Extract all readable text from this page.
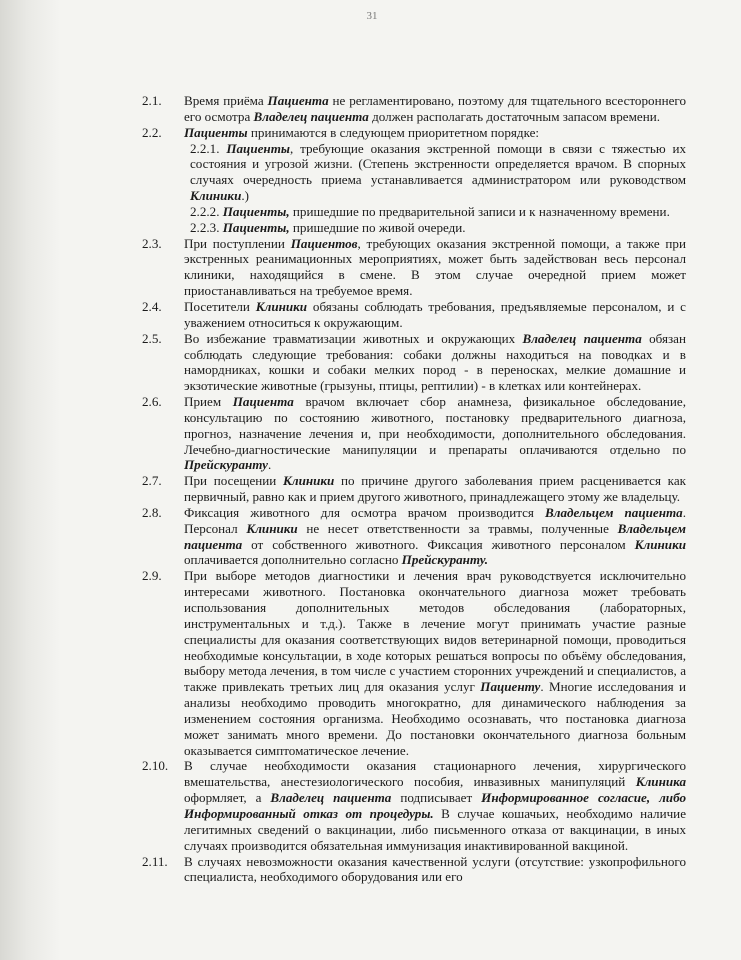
31
2.1.	Время приёма Пациента не регламентировано, поэтому для тщательного всестороннего его осмотра Владелец пациента должен располагать достаточным запасом времени.
2.2.	Пациенты принимаются в следующем приоритетном порядке:
2.2.1. Пациенты, требующие оказания экстренной помощи в связи с тяжестью их состояния и угрозой жизни. (Степень экстренности определяется врачом. В спорных случаях очередность приема устанавливается администратором или руководством Клиники.)
2.2.2. Пациенты, пришедшие по предварительной записи и к назначенному времени.
2.2.3. Пациенты, пришедшие по живой очереди.
2.3.	При поступлении Пациентов, требующих оказания экстренной помощи, а также при экстренных реанимационных мероприятиях, может быть задействован весь персонал клиники, находящийся в смене. В этом случае очередной прием может приостанавливаться на требуемое время.
2.4.	Посетители Клиники обязаны соблюдать требования, предъявляемые персоналом, и с уважением относиться к окружающим.
2.5.	Во избежание травматизации животных и окружающих Владелец пациента обязан соблюдать следующие требования: собаки должны находиться на поводках и в намордниках, кошки и собаки мелких пород - в переносках, мелкие домашние и экзотические животные (грызуны, птицы, рептилии) - в клетках или контейнерах.
2.6.	Прием Пациента врачом включает сбор анамнеза, физикальное обследование, консультацию по состоянию животного, постановку предварительного диагноза, прогноз, назначение лечения и, при необходимости, дополнительного обследования. Лечебно-диагностические манипуляции и препараты оплачиваются отдельно по Прейскуранту.
2.7.	При посещении Клиники по причине другого заболевания прием расценивается как первичный, равно как и прием другого животного, принадлежащего этому же владельцу.
2.8.	Фиксация животного для осмотра врачом производится Владельцем пациента. Персонал Клиники не несет ответственности за травмы, полученные Владельцем пациента от собственного животного. Фиксация животного персоналом Клиники оплачивается дополнительно согласно Прейскуранту.
2.9.	При выборе методов диагностики и лечения врач руководствуется исключительно интересами животного. Постановка окончательного диагноза может требовать использования дополнительных методов обследования (лабораторных, инструментальных и т.д.). Также в лечение могут принимать участие разные специалисты для оказания соответствующих видов ветеринарной помощи, проводиться необходимые консультации, в ходе которых решаться вопросы по объёму обследования, выбору метода лечения, в том числе с участием сторонних учреждений и специалистов, а также привлекать третьих лиц для оказания услуг Пациенту. Многие исследования и анализы необходимо проводить многократно, для динамического наблюдения за изменением состояния организма. Необходимо осознавать, что постановка диагноза может занимать много времени. До постановки окончательного диагноза больным оказывается симптоматическое лечение.
2.10.	В случае необходимости оказания стационарного лечения, хирургического вмешательства, анестезиологического пособия, инвазивных манипуляций Клиника оформляет, а Владелец пациента подписывает Информированное согласие, либо Информированный отказ от процедуры. В случае кошачьих, необходимо наличие легитимных сведений о вакцинации, либо письменного отказа от вакцинации, в иных случаях производится обязательная иммунизация инактивированной вакциной.
2.11.	В случаях невозможности оказания качественной услуги (отсутствие: узкопрофильного специалиста, необходимого оборудования или его
